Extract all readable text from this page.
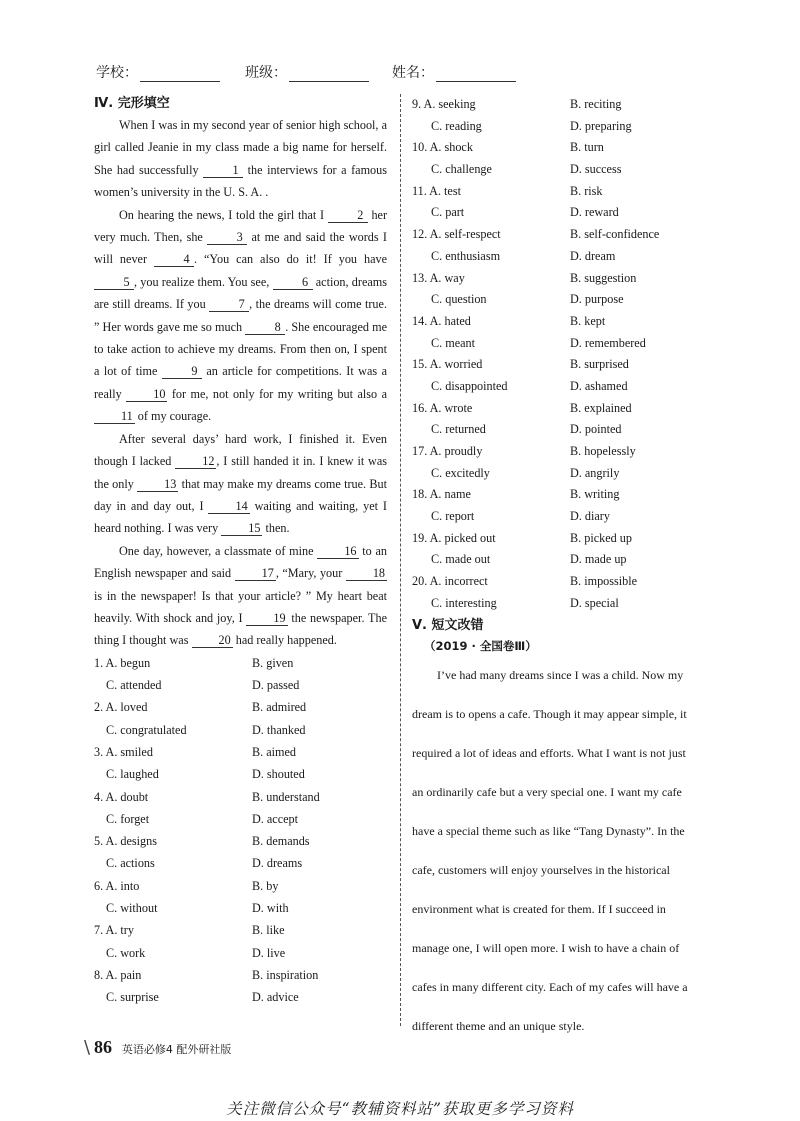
学校：	班级：	姓名：
Ⅳ. 完形填空

When I was in my second year of senior high school, a girl called Jeanie in my class made a big name for herself. She had successfully 1 the interviews for a famous women’s university in the U. S. A. .

On hearing the news, I told the girl that I 2 her very much. Then, she 3 at me and said the words I will never 4 . “You can also do it! If you have 5 , you realize them. You see, 6 action, dreams are still dreams. If you 7 , the dreams will come true. ” Her words gave me so much 8 . She encouraged me to take action to achieve my dreams. From then on, I spent a lot of time 9 an article for competitions. It was a really 10 for me, not only for my writing but also a 11 of my courage.

After several days’ hard work, I finished it. Even though I lacked 12 , I still handed it in. I knew it was the only 13 that may make my dreams come true. But day in and day out, I 14 waiting and waiting, yet I heard nothing. I was very 15 then.

One day, however, a classmate of mine 16 to an English newspaper and said 17 , “Mary, your 18 is in the newspaper! Is that your article? ” My heart beat heavily. With shock and joy, I 19 the newspaper. The thing I thought was 20 had really happened.

1. A. begun	B. given
C. attended	D. passed
2. A. loved	B. admired
C. congratulated	D. thanked
3. A. smiled	B. aimed
C. laughed	D. shouted
4. A. doubt	B. understand
C. forget	D. accept
5. A. designs	B. demands
C. actions	D. dreams
6. A. into	B. by
C. without	D. with
7. A. try	B. like
C. work	D. live
8. A. pain	B. inspiration
C. surprise	D. advice
9. A. seeking	B. reciting
C. reading	D. preparing
10. A. shock	B. turn
C. challenge	D. success
11. A. test	B. risk
C. part	D. reward
12. A. self-respect	B. self-confidence
C. enthusiasm	D. dream
13. A. way	B. suggestion
C. question	D. purpose
14. A. hated	B. kept
C. meant	D. remembered
15. A. worried	B. surprised
C. disappointed	D. ashamed
16. A. wrote	B. explained
C. returned	D. pointed
17. A. proudly	B. hopelessly
C. excitedly	D. angrily
18. A. name	B. writing
C. report	D. diary
19. A. picked out	B. picked up
C. made out	D. made up
20. A. incorrect	B. impossible
C. interesting	D. special
Ⅴ. 短文改错
（2019 · 全国卷Ⅲ）

I’ve had many dreams since I was a child. Now my

dream is to opens a cafe. Though it may appear simple, it

required a lot of ideas and efforts. What I want is not just

an ordinarily cafe but a very special one. I want my cafe

have a special theme such as like “Tang Dynasty”. In the

cafe, customers will enjoy yourselves in the historical

environment what is created for them. If I succeed in

manage one, I will open more. I wish to have a chain of

cafes in many different city. Each of my cafes will have a

different theme and an unique style.

\ 86 英语必修4 配外研社版
关注微信公众号“教辅资料站”获取更多学习资料
